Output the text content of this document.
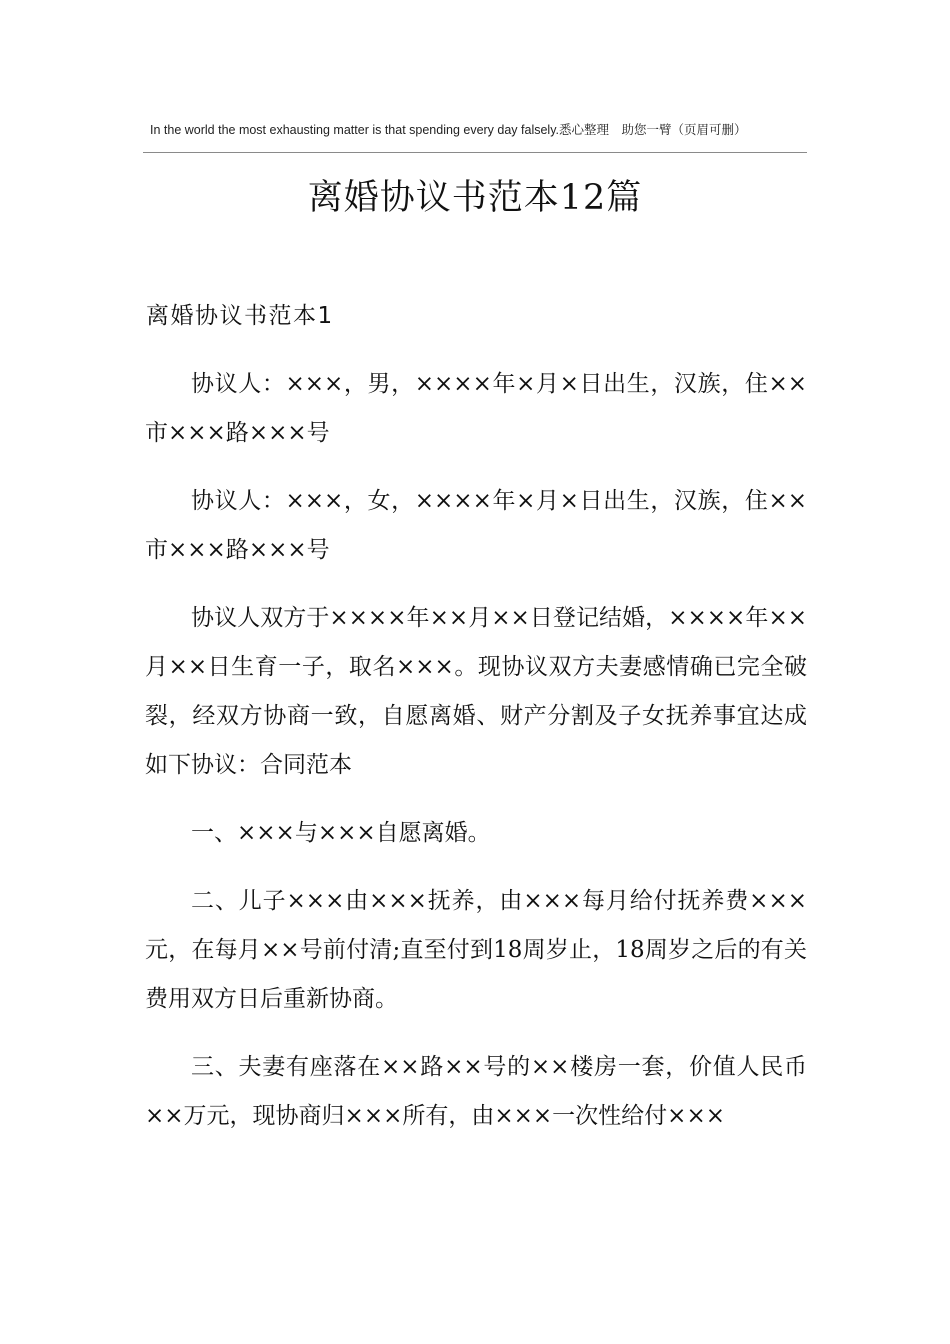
In the world the most exhausting matter is that spending every day falsely.悉心整理　助您一臂（页眉可删）
离婚协议书范本12篇
离婚协议书范本1

协议人：×××，男，××××年×月×日出生，汉族，住××市×××路×××号

协议人：×××，女，××××年×月×日出生，汉族，住××市×××路×××号

协议人双方于××××年××月××日登记结婚，××××年××月××日生育一子，取名×××。现协议双方夫妻感情确已完全破裂，经双方协商一致，自愿离婚、财产分割及子女抚养事宜达成如下协议：合同范本

一、×××与×××自愿离婚。

二、儿子×××由×××抚养，由×××每月给付抚养费×××元，在每月××号前付清;直至付到18周岁止，18周岁之后的有关费用双方日后重新协商。

三、夫妻有座落在××路××号的××楼房一套，价值人民币××万元，现协商归×××所有，由×××一次性给付×××
